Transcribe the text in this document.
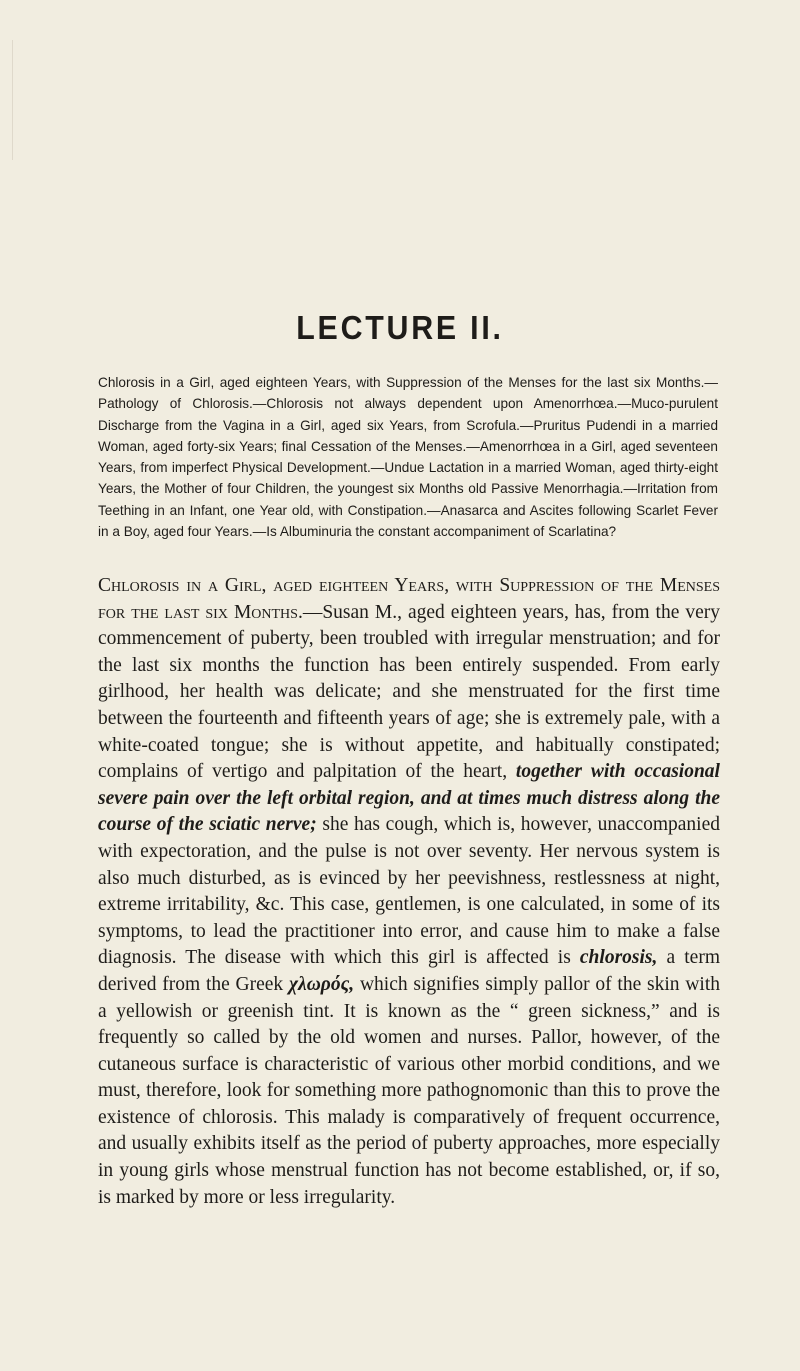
LECTURE II.

Chlorosis in a Girl, aged eighteen Years, with Suppression of the Menses for the last six Months.—Pathology of Chlorosis.—Chlorosis not always dependent upon Amenorrhœa.—Muco-purulent Discharge from the Vagina in a Girl, aged six Years, from Scrofula.—Pruritus Pudendi in a married Woman, aged forty-six Years; final Cessation of the Menses.—Amenorrhœa in a Girl, aged seventeen Years, from imperfect Physical Development.—Undue Lactation in a married Woman, aged thirty-eight Years, the Mother of four Children, the youngest six Months old Passive Menorrhagia.—Irritation from Teething in an Infant, one Year old, with Constipation.—Anasarca and Ascites following Scarlet Fever in a Boy, aged four Years.—Is Albuminuria the constant accompaniment of Scarlatina?

Chlorosis in a Girl, aged eighteen Years, with Suppression of the Menses for the last six Months.—Susan M., aged eighteen years, has, from the very commencement of puberty, been troubled with irregular menstruation; and for the last six months the function has been entirely suspended. From early girlhood, her health was delicate; and she menstruated for the first time between the fourteenth and fifteenth years of age; she is extremely pale, with a white-coated tongue; she is without appetite, and habitually constipated; complains of vertigo and palpitation of the heart, together with occasional severe pain over the left orbital region, and at times much distress along the course of the sciatic nerve; she has cough, which is, however, unaccompanied with expectoration, and the pulse is not over seventy. Her nervous system is also much disturbed, as is evinced by her peevishness, restlessness at night, extreme irritability, &c. This case, gentlemen, is one calculated, in some of its symptoms, to lead the practitioner into error, and cause him to make a false diagnosis. The disease with which this girl is affected is chlorosis, a term derived from the Greek χλωρός, which signifies simply pallor of the skin with a yellowish or greenish tint. It is known as the “ green sickness,” and is frequently so called by the old women and nurses. Pallor, however, of the cutaneous surface is characteristic of various other morbid conditions, and we must, therefore, look for something more pathognomonic than this to prove the existence of chlorosis. This malady is comparatively of frequent occurrence, and usually exhibits itself as the period of puberty approaches, more especially in young girls whose menstrual function has not become established, or, if so, is marked by more or less irregularity.
